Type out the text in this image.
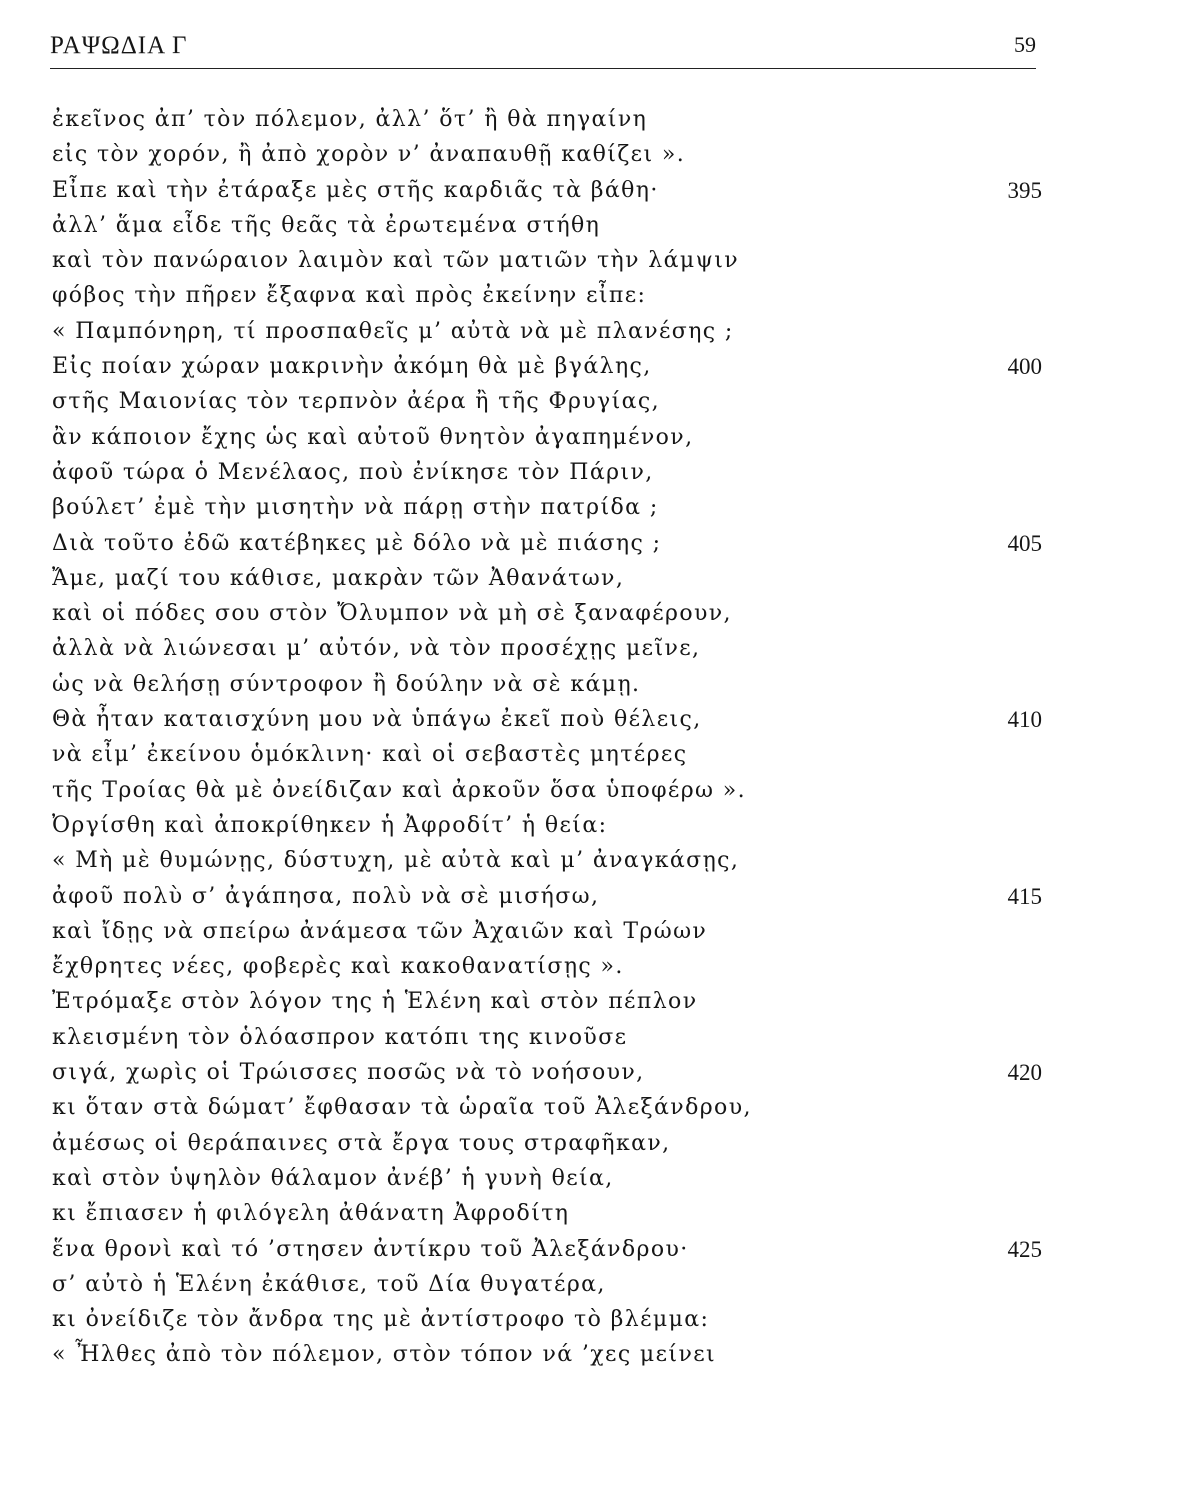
ΡΑΨΩΔΙΑ Γ	59
ἐκεῖνος ἀπ’ τὸν πόλεμον, ἀλλ’ ὅτ’ ἢ θὰ πηγαίνη
εἰς τὸν χορόν, ἢ ἀπὸ χορὸν ν’ ἀναπαυθῇ καθίζει ».
Εἶπε καὶ τὴν ἐτάραξε μὲς στῆς καρδιᾶς τὰ βάθη·	395
ἀλλ’ ἅμα εἶδε τῆς θεᾶς τὰ ἐρωτεμένα στήθη
καὶ τὸν πανώραιον λαιμὸν καὶ τῶν ματιῶν τὴν λάμψιν
φόβος τὴν πῆρεν ἔξαφνα καὶ πρὸς ἐκείνην εἶπε:
« Παμπόνηρη, τί προσπαθεῖς μ’ αὐτὰ νὰ μὲ πλανέσης ;
Εἰς ποίαν χώραν μακρινὴν ἀκόμη θὰ μὲ βγάλης,	400
στῆς Μαιονίας τὸν τερπνὸν ἀέρα ἢ τῆς Φρυγίας,
ἂν κάποιον ἔχης ὡς καὶ αὐτοῦ θνητὸν ἀγαπημένον,
ἀφοῦ τώρα ὁ Μενέλαος, ποὺ ἐνίκησε τὸν Πάριν,
βούλετ’ ἐμὲ τὴν μισητὴν νὰ πάρῃ στὴν πατρίδα ;
Διὰ τοῦτο ἐδῶ κατέβηκες μὲ δόλο νὰ μὲ πιάσης ;	405
Ἄμε, μαζί του κάθισε, μακρὰν τῶν Ἀθανάτων,
καὶ οἱ πόδες σου στὸν Ὄλυμπον νὰ μὴ σὲ ξαναφέρουν,
ἀλλὰ νὰ λιώνεσαι μ’ αὐτόν, νὰ τὸν προσέχῃς μεῖνε,
ὡς νὰ θελήσῃ σύντροφον ἢ δούλην νὰ σὲ κάμῃ.
Θὰ ἦταν καταισχύνη μου νὰ ὑπάγω ἐκεῖ ποὺ θέλεις,	410
νὰ εἶμ’ ἐκείνου ὁμόκλινη· καὶ οἱ σεβαστὲς μητέρες
τῆς Τροίας θὰ μὲ ὀνείδιζαν καὶ ἀρκοῦν ὅσα ὑποφέρω ».
Ὀργίσθη καὶ ἀποκρίθηκεν ἡ Ἀφροδίτ’ ἡ θεία:
« Μὴ μὲ θυμώνῃς, δύστυχη, μὲ αὐτὰ καὶ μ’ ἀναγκάσῃς,
ἀφοῦ πολὺ σ’ ἀγάπησα, πολὺ νὰ σὲ μισήσω,	415
καὶ ἴδῃς νὰ σπείρω ἀνάμεσα τῶν Ἀχαιῶν καὶ Τρώων
ἔχθρητες νέες, φοβερὲς καὶ κακοθανατίσῃς ».
Ἐτρόμαξε στὸν λόγον της ἡ Ἑλένη καὶ στὸν πέπλον
κλεισμένη τὸν ὁλόασπρον κατόπι της κινοῦσε
σιγά, χωρὶς οἱ Τρώισσες ποσῶς νὰ τὸ νοήσουν,	420
κι ὅταν στὰ δώματ’ ἔφθασαν τὰ ὡραῖα τοῦ Ἀλεξάνδρου,
ἀμέσως οἱ θεράπαινες στὰ ἔργα τους στραφῆκαν,
καὶ στὸν ὑψηλὸν θάλαμον ἀνέβ’ ἡ γυνὴ θεία,
κι ἔπιασεν ἡ φιλόγελη ἀθάνατη Ἀφροδίτη
ἕνα θρονὶ καὶ τό ’στησεν ἀντίκρυ τοῦ Ἀλεξάνδρου·	425
σ’ αὐτὸ ἡ Ἑλένη ἐκάθισε, τοῦ Δία θυγατέρα,
κι ὀνείδιζε τὸν ἄνδρα της μὲ ἀντίστροφο τὸ βλέμμα:
« Ἦλθες ἀπὸ τὸν πόλεμον, στὸν τόπον νά ’χες μείνει
